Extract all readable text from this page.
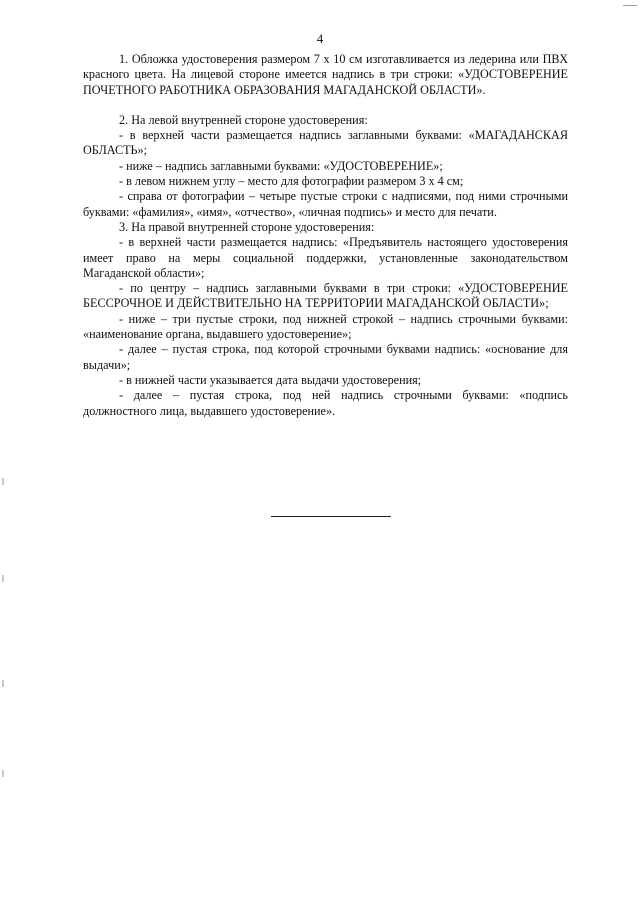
4

1. Обложка удостоверения размером 7 х 10 см изготавливается из ледерина или ПВХ красного цвета. На лицевой стороне имеется надпись в три строки: «УДОСТОВЕРЕНИЕ ПОЧЕТНОГО РАБОТНИКА ОБРАЗОВАНИЯ МАГАДАНСКОЙ ОБЛАСТИ».

2. На левой внутренней стороне удостоверения:

- в верхней части размещается надпись заглавными буквами: «МАГАДАНСКАЯ ОБЛАСТЬ»;

- ниже – надпись заглавными буквами: «УДОСТОВЕРЕНИЕ»;

- в левом нижнем углу – место для фотографии размером 3 х 4 см;

- справа от фотографии – четыре пустые строки с надписями, под ними строчными буквами: «фамилия», «имя», «отчество», «личная подпись» и место для печати.

3. На правой внутренней стороне удостоверения:

- в верхней части размещается надпись: «Предъявитель настоящего удостоверения имеет право на меры социальной поддержки, установленные законодательством Магаданской области»;

- по центру – надпись заглавными буквами в три строки: «УДОСТОВЕРЕНИЕ БЕССРОЧНОЕ И ДЕЙСТВИТЕЛЬНО НА ТЕРРИТОРИИ МАГАДАНСКОЙ ОБЛАСТИ»;

- ниже – три пустые строки, под нижней строкой – надпись строчными буквами: «наименование органа, выдавшего удостоверение»;

- далее – пустая строка, под которой строчными буквами надпись: «основание для выдачи»;

- в нижней части указывается дата выдачи удостоверения;

- далее – пустая строка, под ней надпись строчными буквами: «подпись должностного лица, выдавшего удостоверение».
